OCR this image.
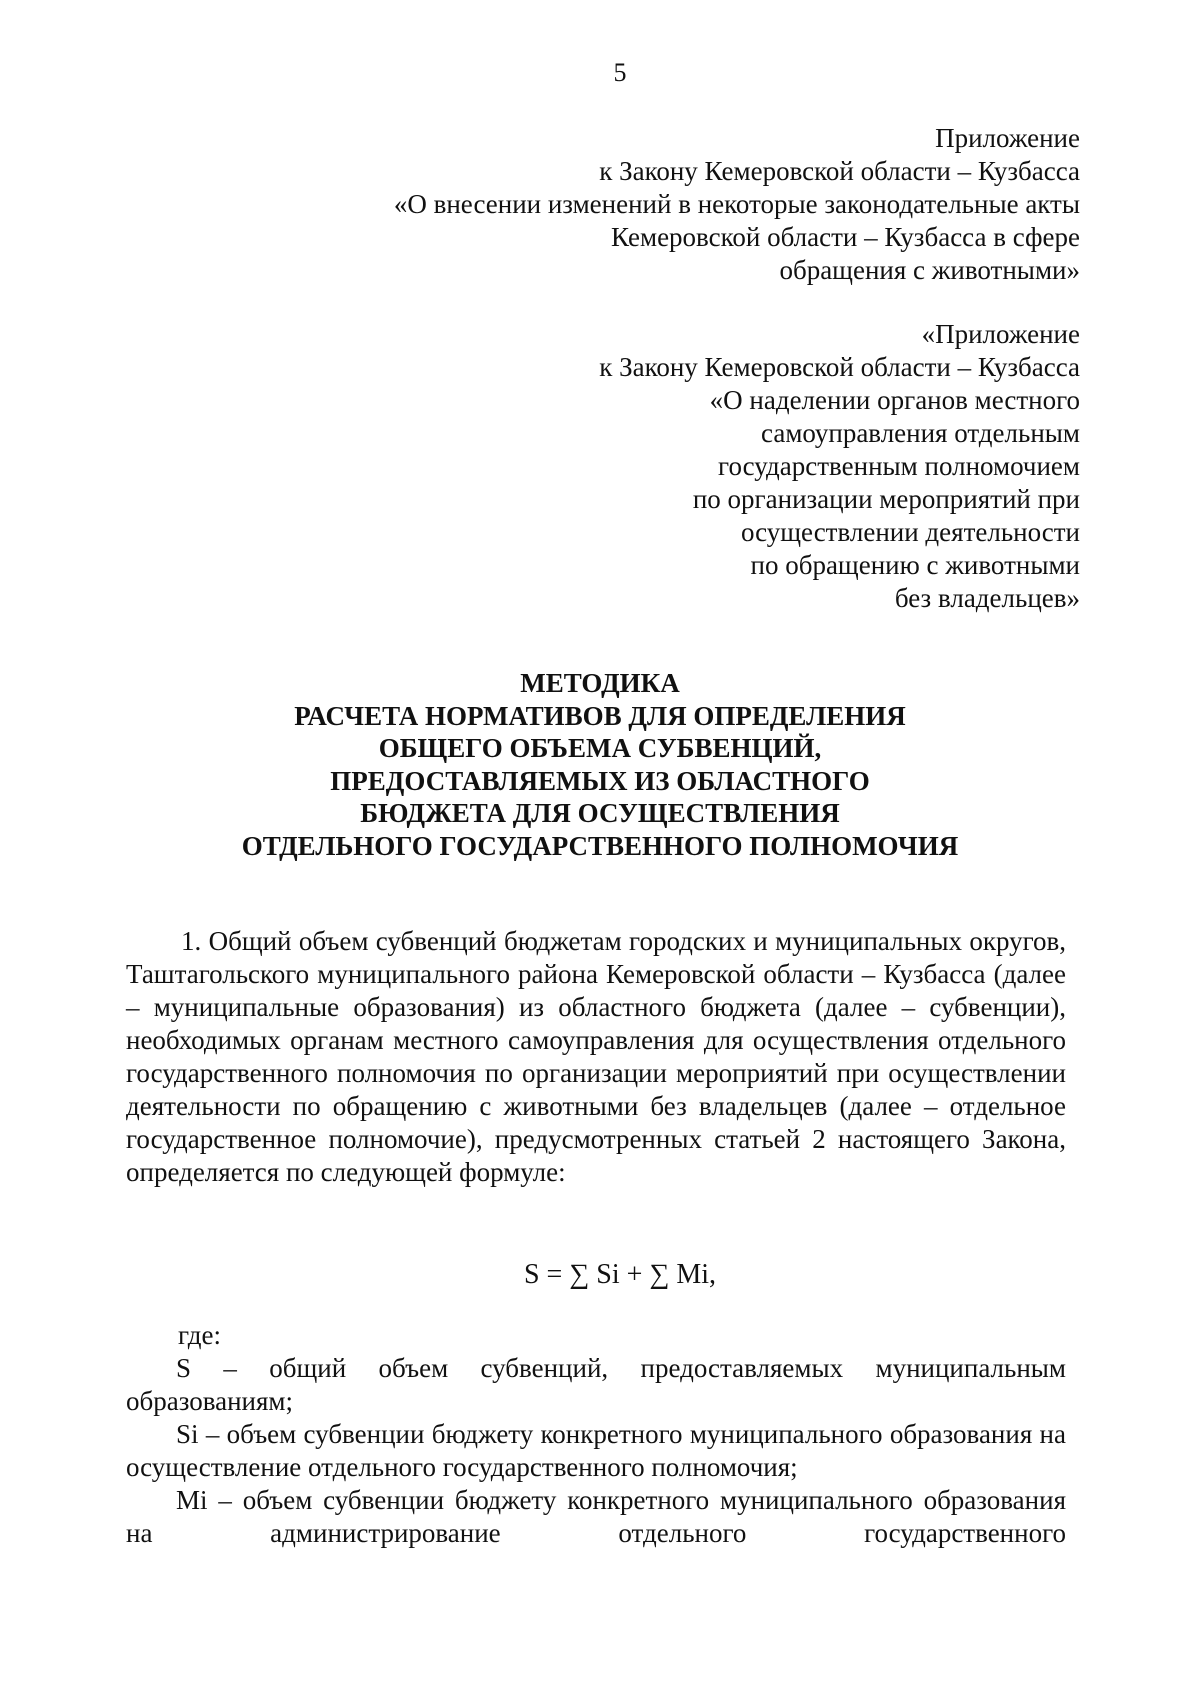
5

Приложение

к Закону Кемеровской области – Кузбасса

«О внесении изменений в некоторые законодательные акты

Кемеровской области – Кузбасса в сфере

обращения с животными»

«Приложение

к Закону Кемеровской области – Кузбасса

«О наделении органов местного

самоуправления отдельным

государственным полномочием

по организации мероприятий при

осуществлении деятельности

по обращению с животными

без владельцев»

МЕТОДИКА

РАСЧЕТА НОРМАТИВОВ ДЛЯ ОПРЕДЕЛЕНИЯ

ОБЩЕГО ОБЪЕМА СУБВЕНЦИЙ,

ПРЕДОСТАВЛЯЕМЫХ ИЗ ОБЛАСТНОГО

БЮДЖЕТА ДЛЯ ОСУЩЕСТВЛЕНИЯ

ОТДЕЛЬНОГО ГОСУДАРСТВЕННОГО ПОЛНОМОЧИЯ

1. Общий объем субвенций бюджетам городских и муниципальных округов, Таштагольского муниципального района Кемеровской области – Кузбасса (далее – муниципальные образования) из областного бюджета (далее – субвенции), необходимых органам местного самоуправления для осуществления отдельного государственного полномочия по организации мероприятий при осуществлении деятельности по обращению с животными без владельцев (далее – отдельное государственное полномочие), предусмотренных статьей 2 настоящего Закона, определяется по следующей формуле:

S = ∑ Si + ∑ Mi,

где:

S – общий объем субвенций, предоставляемых муниципальным образованиям;

Si – объем субвенции бюджету конкретного муниципального образования на осуществление отдельного государственного полномочия;

Mi – объем субвенции бюджету конкретного муниципального образования на администрирование отдельного государственного
